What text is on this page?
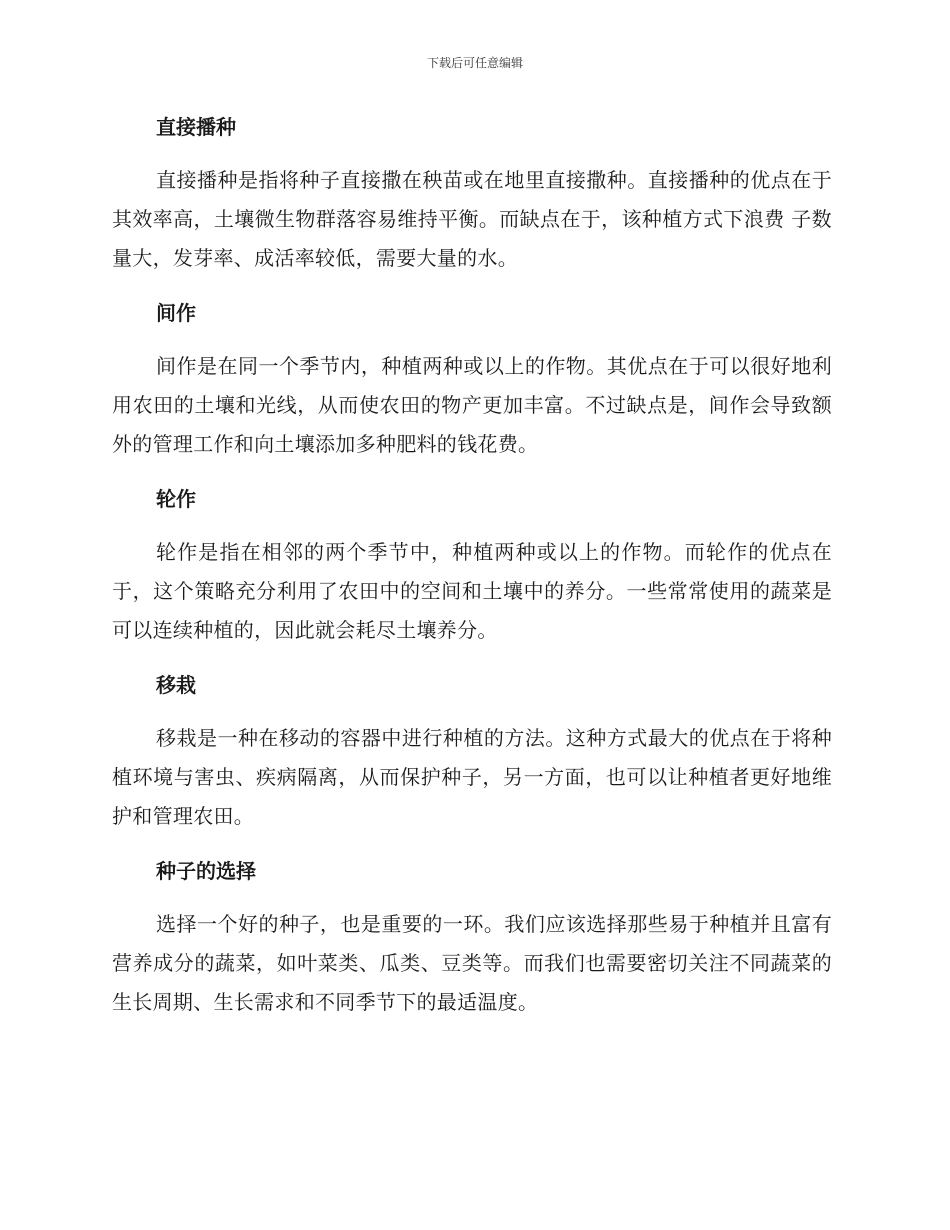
下载后可任意编辑
直接播种

直接播种是指将种子直接撒在秧苗或在地里直接撒种。直接播种的优点在于其效率高，土壤微生物群落容易维持平衡。而缺点在于，该种植方式下浪费 子数量大，发芽率、成活率较低，需要大量的水。

间作

间作是在同一个季节内，种植两种或以上的作物。其优点在于可以很好地利用农田的土壤和光线，从而使农田的物产更加丰富。不过缺点是，间作会导致额外的管理工作和向土壤添加多种肥料的钱花费。

轮作

轮作是指在相邻的两个季节中，种植两种或以上的作物。而轮作的优点在于，这个策略充分利用了农田中的空间和土壤中的养分。一些常常使用的蔬菜是可以连续种植的，因此就会耗尽土壤养分。

移栽

移栽是一种在移动的容器中进行种植的方法。这种方式最大的优点在于将种植环境与害虫、疾病隔离，从而保护种子，另一方面，也可以让种植者更好地维护和管理农田。

种子的选择

选择一个好的种子，也是重要的一环。我们应该选择那些易于种植并且富有营养成分的蔬菜，如叶菜类、瓜类、豆类等。而我们也需要密切关注不同蔬菜的生长周期、生长需求和不同季节下的最适温度。
